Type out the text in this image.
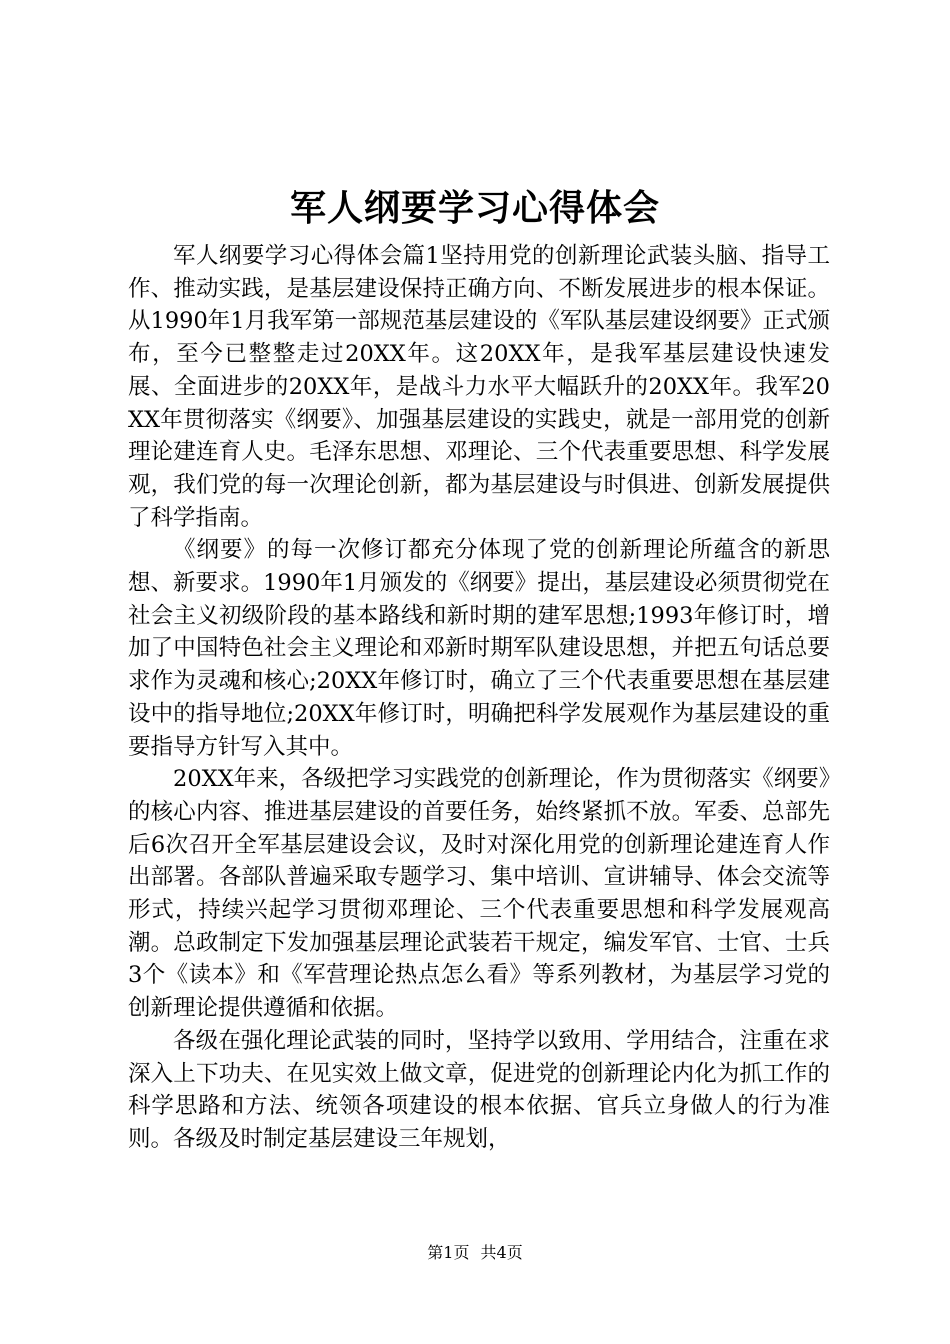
军人纲要学习心得体会

军人纲要学习心得体会篇1坚持用党的创新理论武装头脑、指导工作、推动实践，是基层建设保持正确方向、不断发展进步的根本保证。从1990年1月我军第一部规范基层建设的《军队基层建设纲要》正式颁布，至今已整整走过20XX年。这20XX年，是我军基层建设快速发展、全面进步的20XX年，是战斗力水平大幅跃升的20XX年。我军20XX年贯彻落实《纲要》、加强基层建设的实践史，就是一部用党的创新理论建连育人史。毛泽东思想、邓理论、三个代表重要思想、科学发展观，我们党的每一次理论创新，都为基层建设与时俱进、创新发展提供了科学指南。

《纲要》的每一次修订都充分体现了党的创新理论所蕴含的新思想、新要求。1990年1月颁发的《纲要》提出，基层建设必须贯彻党在社会主义初级阶段的基本路线和新时期的建军思想;1993年修订时，增加了中国特色社会主义理论和邓新时期军队建设思想，并把五句话总要求作为灵魂和核心;20XX年修订时，确立了三个代表重要思想在基层建设中的指导地位;20XX年修订时，明确把科学发展观作为基层建设的重要指导方针写入其中。

20XX年来，各级把学习实践党的创新理论，作为贯彻落实《纲要》的核心内容、推进基层建设的首要任务，始终紧抓不放。军委、总部先后6次召开全军基层建设会议，及时对深化用党的创新理论建连育人作出部署。各部队普遍采取专题学习、集中培训、宣讲辅导、体会交流等形式，持续兴起学习贯彻邓理论、三个代表重要思想和科学发展观高潮。总政制定下发加强基层理论武装若干规定，编发军官、士官、士兵3个《读本》和《军营理论热点怎么看》等系列教材，为基层学习党的创新理论提供遵循和依据。

各级在强化理论武装的同时，坚持学以致用、学用结合，注重在求深入上下功夫、在见实效上做文章，促进党的创新理论内化为抓工作的科学思路和方法、统领各项建设的根本依据、官兵立身做人的行为准则。各级及时制定基层建设三年规划，

第1页 共4页
